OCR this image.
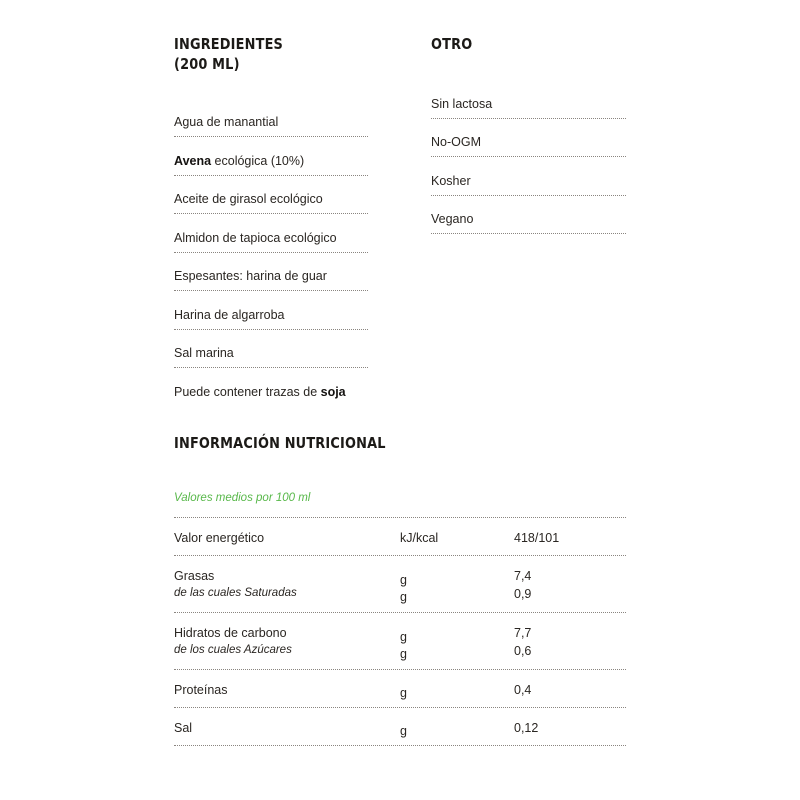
INGREDIENTES
(200 ML)
Agua de manantial
Avena ecológica (10%)
Aceite de girasol ecológico
Almidon de tapioca ecológico
Espesantes: harina de guar
Harina de algarroba
Sal marina
Puede contener trazas de soja
OTRO
Sin lactosa
No-OGM
Kosher
Vegano
INFORMACIÓN NUTRICIONAL
Valores medios por 100 ml
Valor energético	kJ/kcal	418/101
Grasas	g	7,4
de las cuales Saturadas	g	0,9
Hidratos de carbono	g	7,7
de los cuales Azúcares	g	0,6
Proteínas	g	0,4
Sal	g	0,12
